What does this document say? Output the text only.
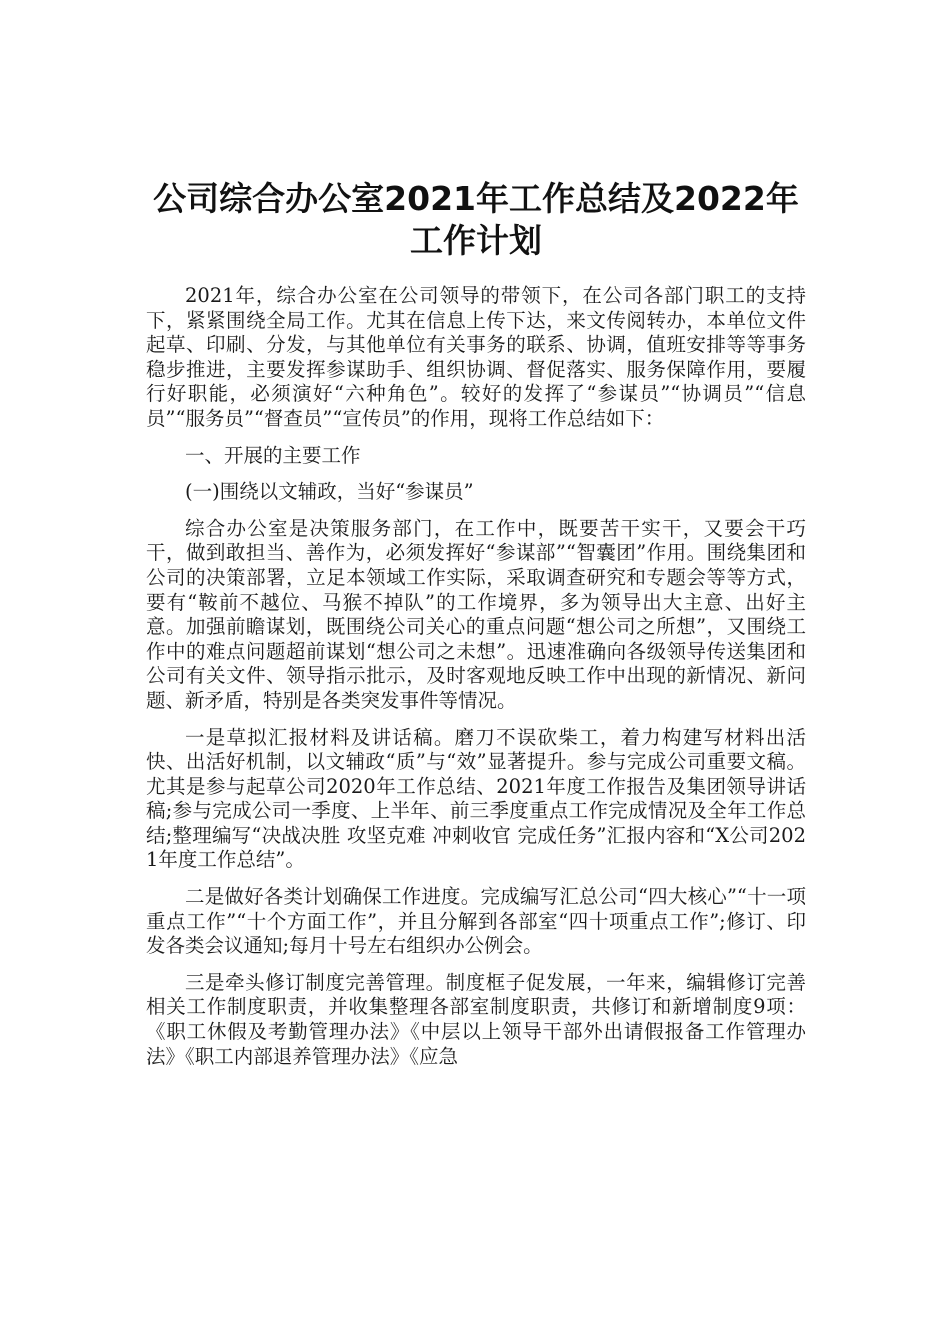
公司综合办公室2021年工作总结及2022年
工作计划

2021年，综合办公室在公司领导的带领下，在公司各部门职工的支持下，紧紧围绕全局工作。尤其在信息上传下达，来文传阅转办，本单位文件起草、印刷、分发，与其他单位有关事务的联系、协调，值班安排等等事务稳步推进，主要发挥参谋助手、组织协调、督促落实、服务保障作用，要履行好职能，必须演好“六种角色”。较好的发挥了“参谋员”“协调员”“信息员”“服务员”“督查员”“宣传员”的作用，现将工作总结如下：

一、开展的主要工作

(一)围绕以文辅政，当好“参谋员”

综合办公室是决策服务部门，在工作中，既要苦干实干，又要会干巧干，做到敢担当、善作为，必须发挥好“参谋部”“智囊团”作用。围绕集团和公司的决策部署，立足本领域工作实际，采取调查研究和专题会等等方式，要有“鞍前不越位、马猴不掉队”的工作境界，多为领导出大主意、出好主意。加强前瞻谋划，既围绕公司关心的重点问题“想公司之所想”，又围绕工作中的难点问题超前谋划“想公司之未想”。迅速准确向各级领导传送集团和公司有关文件、领导指示批示，及时客观地反映工作中出现的新情况、新问题、新矛盾，特别是各类突发事件等情况。

一是草拟汇报材料及讲话稿。磨刀不误砍柴工，着力构建写材料出活快、出活好机制，以文辅政“质”与“效”显著提升。参与完成公司重要文稿。尤其是参与起草公司2020年工作总结、2021年度工作报告及集团领导讲话稿;参与完成公司一季度、上半年、前三季度重点工作完成情况及全年工作总结;整理编写“决战决胜 攻坚克难 冲刺收官 完成任务”汇报内容和“X公司2021年度工作总结”。

二是做好各类计划确保工作进度。完成编写汇总公司“四大核心”“十一项重点工作”“十个方面工作”，并且分解到各部室“四十项重点工作”;修订、印发各类会议通知;每月十号左右组织办公例会。

三是牵头修订制度完善管理。制度框子促发展，一年来，编辑修订完善相关工作制度职责，并收集整理各部室制度职责，共修订和新增制度9项：《职工休假及考勤管理办法》《中层以上领导干部外出请假报备工作管理办法》《职工内部退养管理办法》《应急
